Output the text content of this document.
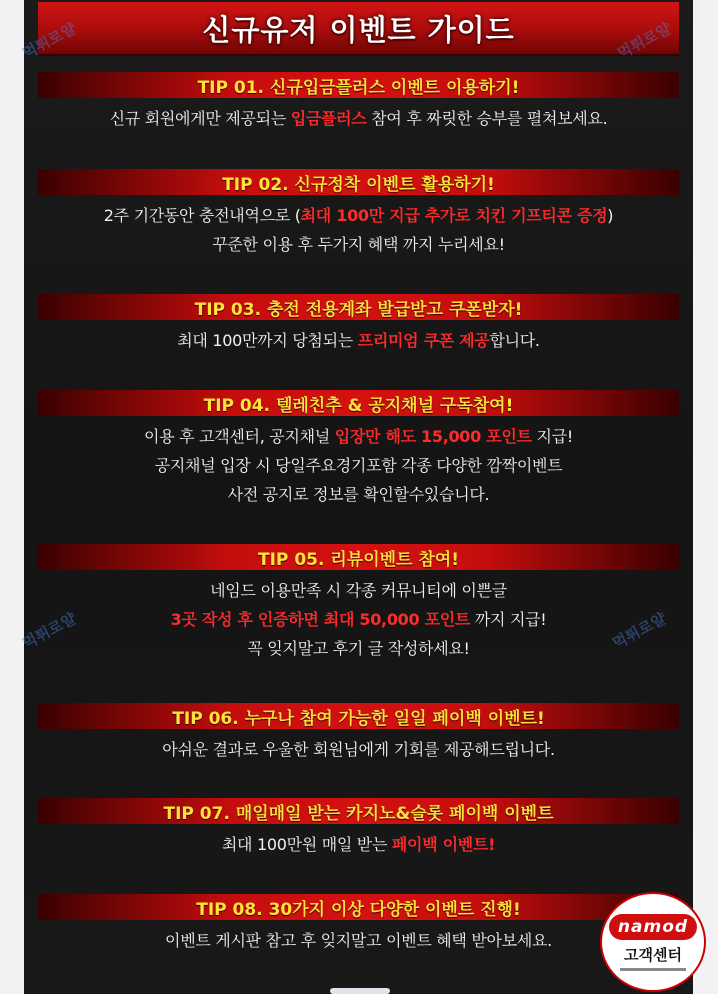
신규유저 이벤트 가이드
TIP 01. 신규입금플러스 이벤트 이용하기!
신규 회원에게만 제공되는 입금플러스 참여 후 짜릿한 승부를 펼쳐보세요.
TIP 02. 신규정착 이벤트 활용하기!
2주 기간동안 충전내역으로 (최대 100만 지급 추가로 치킨 기프티콘 증정)
꾸준한 이용 후 두가지 혜택 까지 누리세요!
TIP 03. 충전 전용계좌 발급받고 쿠폰받자!
최대 100만까지 당첨되는 프리미엄 쿠폰 제공합니다.
TIP 04. 텔레친추 & 공지채널 구독참여!
이용 후 고객센터, 공지채널 입장만 해도 15,000 포인트 지급!
공지채널 입장 시 당일주요경기포함 각종 다양한 깜짝이벤트
사전 공지로 정보를 확인할수있습니다.
TIP 05. 리뷰이벤트 참여!
네임드 이용만족 시 각종 커뮤니티에 이쁜글
3곳 작성 후 인증하면 최대 50,000 포인트 까지 지급!
꼭 잊지말고 후기 글 작성하세요!
TIP 06. 누구나 참여 가능한 일일 페이백 이벤트!
아쉬운 결과로 우울한 회원님에게 기회를 제공해드립니다.
TIP 07. 매일매일 받는 카지노&슬롯 페이백 이벤트
최대 100만원 매일 받는 페이백 이벤트!
TIP 08. 30가지 이상 다양한 이벤트 진행!
이벤트 게시판 참고 후 잊지말고 이벤트 혜택 받아보세요.
먹튀로얄	먹튀로얄
먹튀로얄	먹튀로얄
namod
고객센터
